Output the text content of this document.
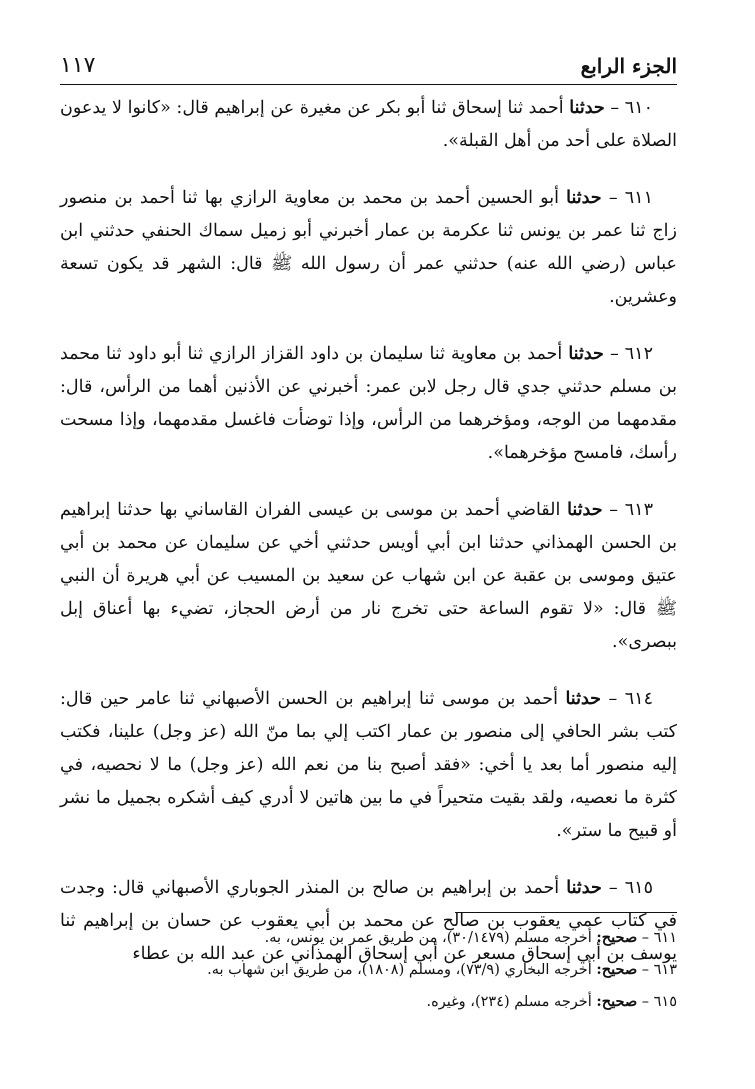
١١٧	الجزء الرابع

٦١٠ – حدثنا أحمد ثنا إسحاق ثنا أبو بكر عن مغيرة عن إبراهيم قال: «كانوا لا يدعون الصلاة على أحد من أهل القبلة».

٦١١ – حدثنا أبو الحسين أحمد بن محمد بن معاوية الرازي بها ثنا أحمد بن منصور زاج ثنا عمر بن يونس ثنا عكرمة بن عمار أخبرني أبو زميل سماك الحنفي حدثني ابن عباس (رضي الله عنه) حدثني عمر أن رسول الله ﷺ قال: الشهر قد يكون تسعة وعشرين.

٦١٢ – حدثنا أحمد بن معاوية ثنا سليمان بن داود القزاز الرازي ثنا أبو داود ثنا محمد بن مسلم حدثني جدي قال رجل لابن عمر: أخبرني عن الأذنين أهما من الرأس، قال: مقدمهما من الوجه، ومؤخرهما من الرأس، وإذا توضأت فاغسل مقدمهما، وإذا مسحت رأسك، فامسح مؤخرهما».

٦١٣ – حدثنا القاضي أحمد بن موسى بن عيسى الفران القاساني بها حدثنا إبراهيم بن الحسن الهمذاني حدثنا ابن أبي أويس حدثني أخي عن سليمان عن محمد بن أبي عتيق وموسى بن عقبة عن ابن شهاب عن سعيد بن المسيب عن أبي هريرة أن النبي ﷺ قال: «لا تقوم الساعة حتى تخرج نار من أرض الحجاز، تضيء بها أعناق إبل ببصرى».

٦١٤ – حدثنا أحمد بن موسى ثنا إبراهيم بن الحسن الأصبهاني ثنا عامر حين قال: كتب بشر الحافي إلى منصور بن عمار اكتب إلي بما منّ الله (عز وجل) علينا، فكتب إليه منصور أما بعد يا أخي: «فقد أصبح بنا من نعم الله (عز وجل) ما لا نحصيه، في كثرة ما نعصيه، ولقد بقيت متحيراً في ما بين هاتين لا أدري كيف أشكره بجميل ما نشر أو قبيح ما ستر».

٦١٥ – حدثنا أحمد بن إبراهيم بن صالح بن المنذر الجوباري الأصبهاني قال: وجدت في كتاب عمي يعقوب بن صالح عن محمد بن أبي يعقوب عن حسان بن إبراهيم ثنا يوسف بن أبي إسحاق مسعر عن أبي إسحاق الهمذاني عن عبد الله بن عطاء

٦١١ – صحيح: أخرجه مسلم (٣٠/١٤٧٩)، من طريق عمر بن يونس، به.

٦١٣ – صحيح: أخرجه البخاري (٧٣/٩)، ومسلم (١٨٠٨)، من طريق ابن شهاب به.

٦١٥ – صحيح: أخرجه مسلم (٢٣٤)، وغيره.
